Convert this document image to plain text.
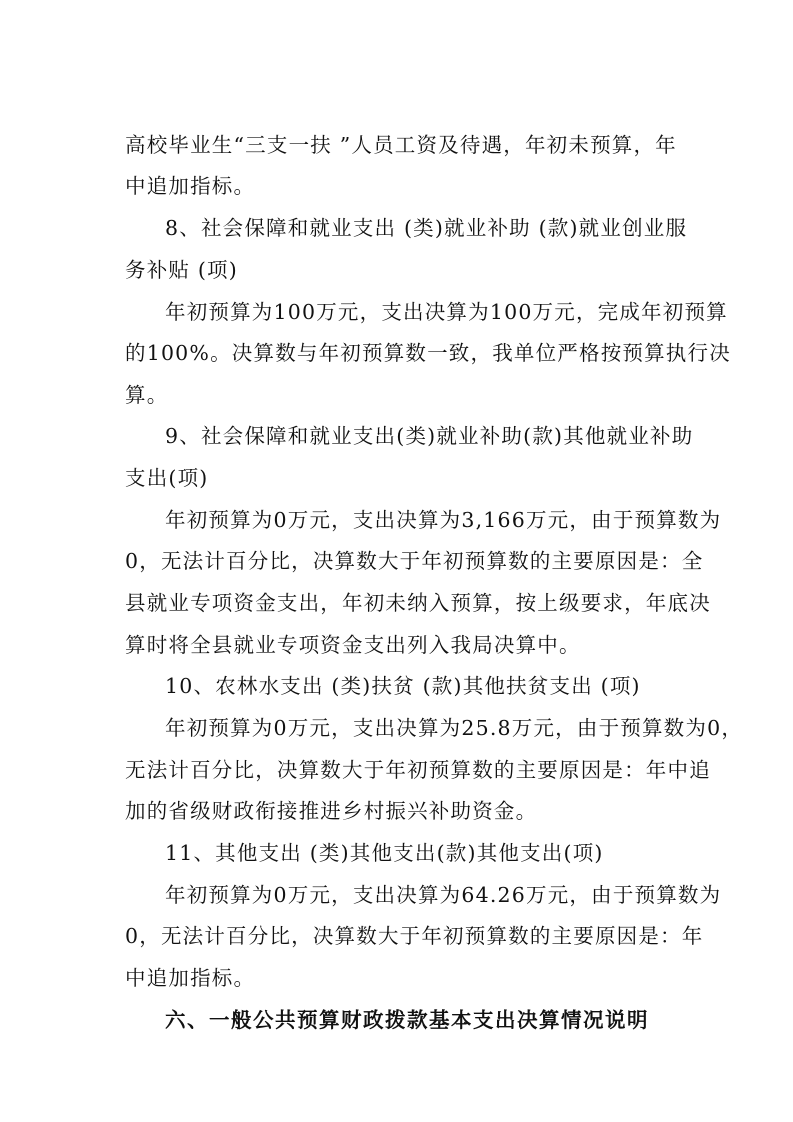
高校毕业生“三支一扶 ”人员工资及待遇，年初未预算，年
中追加指标。
8、社会保障和就业支出 (类)就业补助 (款)就业创业服
务补贴 (项)
年初预算为100万元，支出决算为100万元，完成年初预算
的100%。决算数与年初预算数一致，我单位严格按预算执行决
算。
9、社会保障和就业支出(类)就业补助(款)其他就业补助
支出(项)
年初预算为0万元，支出决算为3,166万元，由于预算数为
0，无法计百分比，决算数大于年初预算数的主要原因是：全
县就业专项资金支出，年初未纳入预算，按上级要求，年底决
算时将全县就业专项资金支出列入我局决算中。
10、农林水支出 (类)扶贫 (款)其他扶贫支出 (项)
年初预算为0万元，支出决算为25.8万元，由于预算数为0，
无法计百分比，决算数大于年初预算数的主要原因是：年中追
加的省级财政衔接推进乡村振兴补助资金。
11、其他支出 (类)其他支出(款)其他支出(项)
年初预算为0万元，支出决算为64.26万元，由于预算数为
0，无法计百分比，决算数大于年初预算数的主要原因是：年
中追加指标。
六、一般公共预算财政拨款基本支出决算情况说明
